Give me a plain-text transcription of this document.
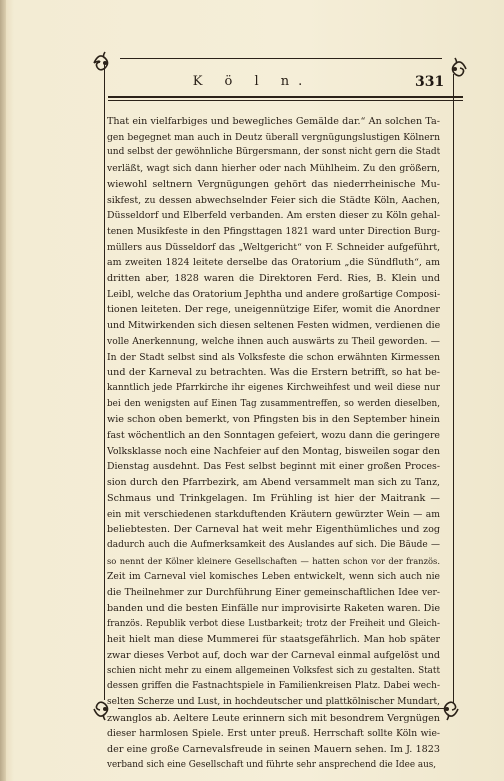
K ö l n.	331
That ein vielfarbiges und bewegliches Gemälde dar.“ An solchen Ta-
gen begegnet man auch in Deutz überall vergnügungslustigen Kölnern
und selbst der gewöhnliche Bürgersmann, der sonst nicht gern die Stadt
verläßt, wagt sich dann hierher oder nach Mühlheim. Zu den größern,
wiewohl seltnern Vergnügungen gehört das niederrheinische Mu-
sikfest, zu dessen abwechselnder Feier sich die Städte Köln, Aachen,
Düsseldorf und Elberfeld verbanden. Am ersten dieser zu Köln gehal-
tenen Musikfeste in den Pfingsttagen 1821 ward unter Direction Burg-
müllers aus Düsseldorf das „Weltgericht“ von F. Schneider aufgeführt,
am zweiten 1824 leitete derselbe das Oratorium „die Sündfluth“, am
dritten aber, 1828 waren die Direktoren Ferd. Ries, B. Klein und
Leibl, welche das Oratorium Jephtha und andere großartige Composi-
tionen leiteten. Der rege, uneigennützige Eifer, womit die Anordner
und Mitwirkenden sich diesen seltenen Festen widmen, verdienen die
volle Anerkennung, welche ihnen auch auswärts zu Theil geworden. —
In der Stadt selbst sind als Volksfeste die schon erwähnten Kirmessen
und der Karneval zu betrachten. Was die Erstern betrifft, so hat be-
kanntlich jede Pfarrkirche ihr eigenes Kirchweihfest und weil diese nur
bei den wenigsten auf Einen Tag zusammentreffen, so werden dieselben,
wie schon oben bemerkt, von Pfingsten bis in den September hinein
fast wöchentlich an den Sonntagen gefeiert, wozu dann die geringere
Volksklasse noch eine Nachfeier auf den Montag, bisweilen sogar den
Dienstag ausdehnt. Das Fest selbst beginnt mit einer großen Proces-
sion durch den Pfarrbezirk, am Abend versammelt man sich zu Tanz,
Schmaus und Trinkgelagen. Im Frühling ist hier der Maitrank —
ein mit verschiedenen starkduftenden Kräutern gewürzter Wein — am
beliebtesten. Der Carneval hat weit mehr Eigenthümliches und zog
dadurch auch die Aufmerksamkeit des Auslandes auf sich. Die Bäude —
so nennt der Kölner kleinere Gesellschaften — hatten schon vor der französ.
Zeit im Carneval viel komisches Leben entwickelt, wenn sich auch nie
die Theilnehmer zur Durchführung Einer gemeinschaftlichen Idee ver-
banden und die besten Einfälle nur improvisirte Raketen waren. Die
französ. Republik verbot diese Lustbarkeit; trotz der Freiheit und Gleich-
heit hielt man diese Mummerei für staatsgefährlich. Man hob später
zwar dieses Verbot auf, doch war der Carneval einmal aufgelöst und
schien nicht mehr zu einem allgemeinen Volksfest sich zu gestalten. Statt
dessen griffen die Fastnachtspiele in Familienkreisen Platz. Dabei wech-
selten Scherze und Lust, in hochdeutscher und plattkölnischer Mundart,
zwanglos ab. Aeltere Leute erinnern sich mit besondrem Vergnügen
dieser harmlosen Spiele. Erst unter preuß. Herrschaft sollte Köln wie-
der eine große Carnevalsfreude in seinen Mauern sehen. Im J. 1823
verband sich eine Gesellschaft und führte sehr ansprechend die Idee aus,
